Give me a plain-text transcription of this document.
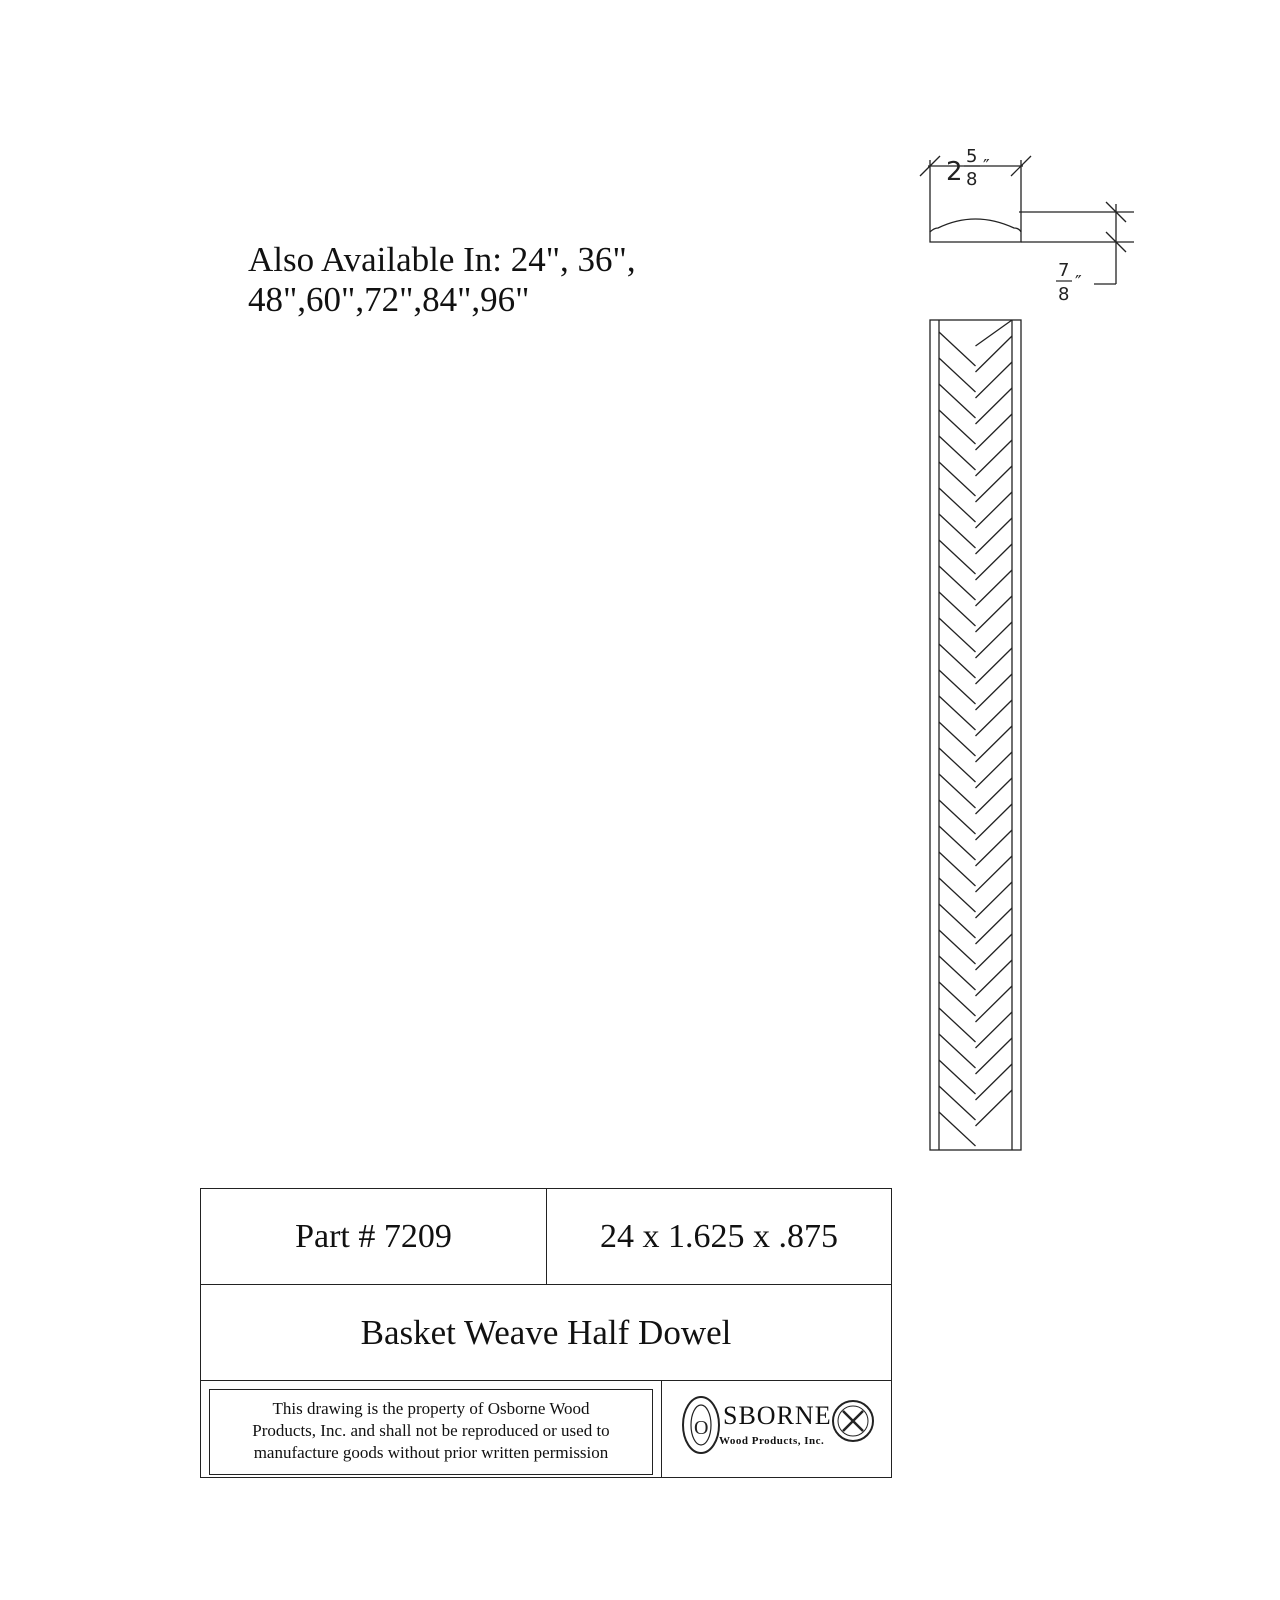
Also Available In: 24", 36",
48",60",72",84",96"
2
5
8
″
7
8
″
Part # 7209	24 x 1.625 x .875
Basket Weave Half Dowel
This drawing is the property of Osborne Wood
Products, Inc. and shall not be reproduced or used to
manufacture goods without prior written permission
O SBORNE
Wood Products, Inc.
